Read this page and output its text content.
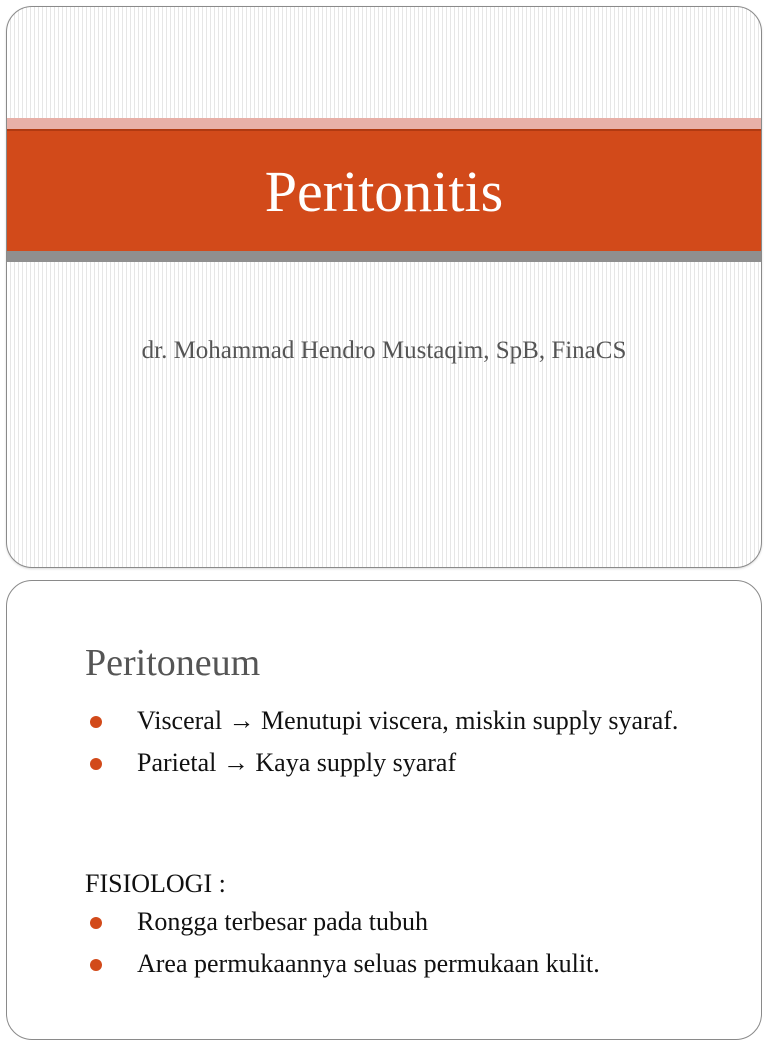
Peritonitis
dr. Mohammad Hendro Mustaqim, SpB, FinaCS
Peritoneum
Visceral → Menutupi viscera, miskin supply syaraf.
Parietal → Kaya supply syaraf
FISIOLOGI :
Rongga terbesar pada tubuh
Area permukaannya seluas permukaan kulit.
